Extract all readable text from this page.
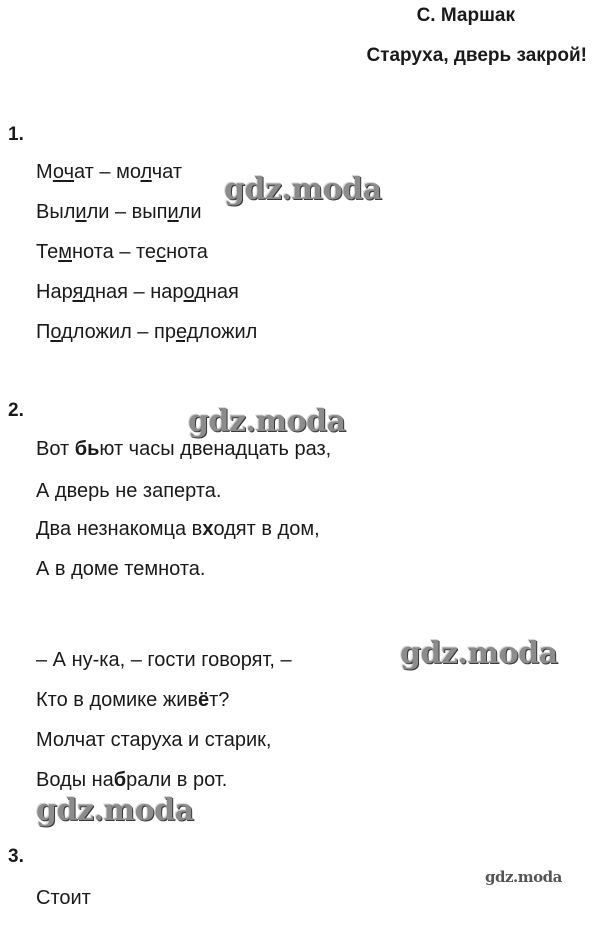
С. Маршак
Старуха, дверь закрой!
1.
Мочат – молчат
Вылили – выпили
Темнота – теснота
Нарядная – народная
Подложил – предложил
2.
Вот бьют часы двенадцать раз,
А дверь не заперта.
Два незнакомца входят в дом,
А в доме темнота.
– А ну-ка, – гости говорят, –
Кто в домике живёт?
Молчат старуха и старик,
Воды набрали в рот.
3.
Стоит
gdz.moda
gdz.moda
gdz.moda
gdz.moda
gdz.moda
